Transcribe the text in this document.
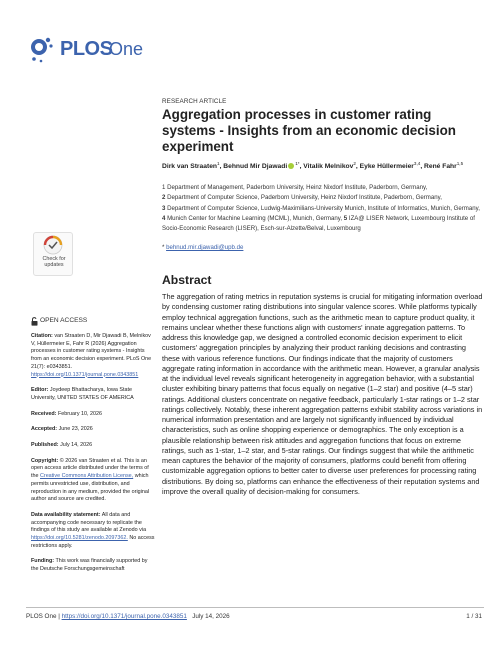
PLOS
One
RESEARCH ARTICLE
Aggregation processes in customer rating systems - Insights from an economic decision experiment
Dirk van Straaten$^1$, Behnud Mir Djawadi $^{1*}$, Vitalik Melnikov$^2$, Eyke Hüllermeier$^{3,4}$, René Fahr$^{1,5}$
1 Department of Management, Paderborn University, Heinz Nixdorf Institute, Paderborn, Germany,
2 Department of Computer Science, Paderborn University, Heinz Nixdorf Institute, Paderborn, Germany,
3 Department of Computer Science, Ludwig-Maximilians-University Munich, Institute of Informatics, Munich, Germany, 4 Munich Center for Machine Learning (MCML), Munich, Germany, 5 IZA@ LISER Network, Luxembourg Institute of Socio-Economic Research (LISER), Esch-sur-Alzette/Belval, Luxembourg
* behnud.mir.djawadi@upb.de
Check for
updates
Abstract
The aggregation of rating metrics in reputation systems is crucial for mitigating information overload by condensing customer rating distributions into singular valence scores. While platforms typically employ technical aggregation functions, such as the arithmetic mean to capture product quality, it remains unclear whether these functions align with customers' innate aggregation patterns. To address this knowledge gap, we designed a controlled economic decision experiment to elicit customers' aggregation principles by analyzing their product ranking decisions and contrasting these with various reference functions. Our findings indicate that the majority of customers aggregate rating information in accordance with the arithmetic mean. However, a granular analysis at the individual level reveals significant heterogeneity in aggregation behavior, with a substantial cluster exhibiting binary patterns that focus equally on negative (1–2 star) and positive (4–5 star) ratings. Additional clusters concentrate on negative feedback, particularly 1-star ratings or 1–2 star ratings collectively. Notably, these inherent aggregation patterns exhibit stability across variations in numerical information presentation and are largely not significantly influenced by individual characteristics, such as online shopping experience or demographics. The only exception is a plausible relationship between risk attitudes and aggregation functions that focus on extreme ratings, such as 1-star, 1–2 star, and 5-star ratings. Our findings suggest that while the arithmetic mean captures the behavior of the majority of consumers, platforms could benefit from offering customizable aggregation options to better cater to diverse user preferences for processing rating distributions. By doing so, platforms can enhance the effectiveness of their reputation systems and improve the overall quality of decision-making for consumers.
OPEN ACCESS
Citation: van Straaten D, Mir Djawadi B, Melnikov V, Hüllermeier E, Fahr R (2026) Aggregation processes in customer rating systems - Insights from an economic decision experiment. PLoS One 21(7): e0343851. https://doi.org/10.1371/journal.pone.0343851
Editor: Joydeep Bhattacharya, Iowa State University, UNITED STATES OF AMERICA
Received: February 10, 2026
Accepted: June 23, 2026
Published: July 14, 2026
Copyright: © 2026 van Straaten et al. This is an open access article distributed under the terms of the Creative Commons Attribution License, which permits unrestricted use, distribution, and reproduction in any medium, provided the original author and source are credited.
Data availability statement: All data and accompanying code necessary to replicate the findings of this study are available at Zenodo via https://doi.org/10.5281/zenodo.2097362. No access restrictions apply.
Funding: This work was financially supported by the Deutsche Forschungsgemeinschaft
PLOS One | https://doi.org/10.1371/journal.pone.0343851 July 14, 2026	1 / 31
